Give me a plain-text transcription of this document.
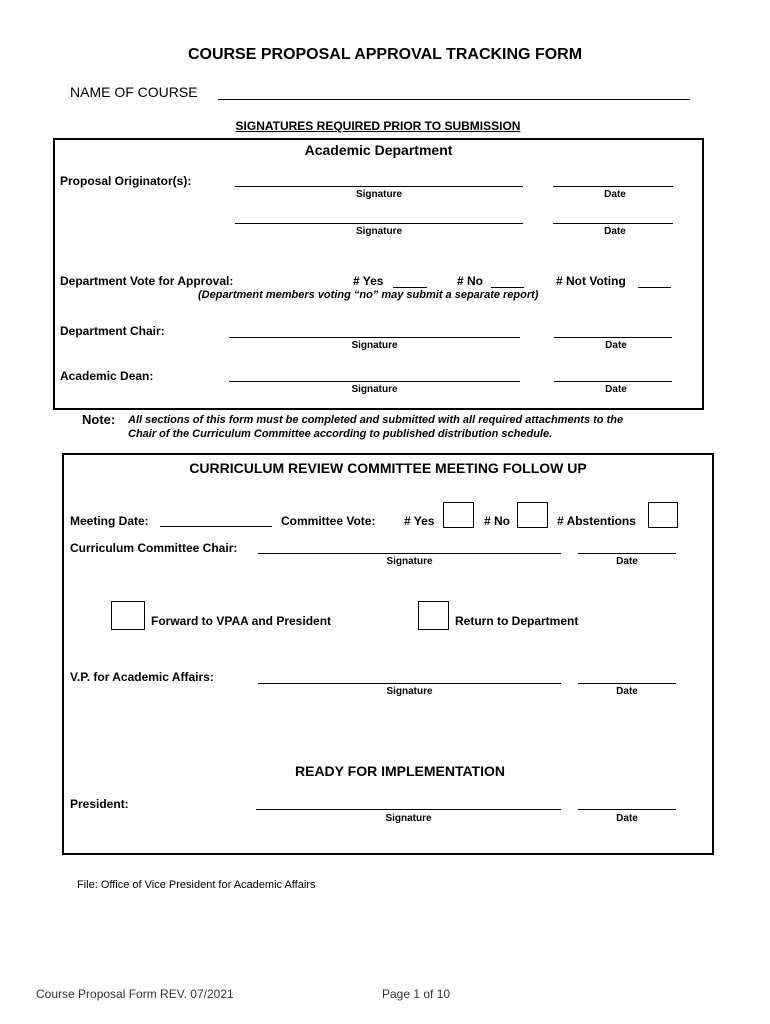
COURSE PROPOSAL APPROVAL TRACKING FORM
NAME OF COURSE
SIGNATURES REQUIRED PRIOR TO SUBMISSION
Academic Department
Proposal Originator(s):
Signature	Date
Signature	Date
Department Vote for Approval:	# Yes	# No	# Not Voting
(Department members voting “no” may submit a separate report)
Department Chair:
Signature	Date
Academic Dean:
Signature	Date
Note: All sections of this form must be completed and submitted with all required attachments to the
Chair of the Curriculum Committee according to published distribution schedule.
CURRICULUM REVIEW COMMITTEE MEETING FOLLOW UP
Meeting Date:	Committee Vote: # Yes	# No	# Abstentions
Curriculum Committee Chair:
Signature	Date
Forward to VPAA and President	Return to Department
V.P. for Academic Affairs:
Signature	Date
READY FOR IMPLEMENTATION
President:
Signature	Date
File: Office of Vice President for Academic Affairs
Course Proposal Form REV. 07/2021	Page 1 of 10
